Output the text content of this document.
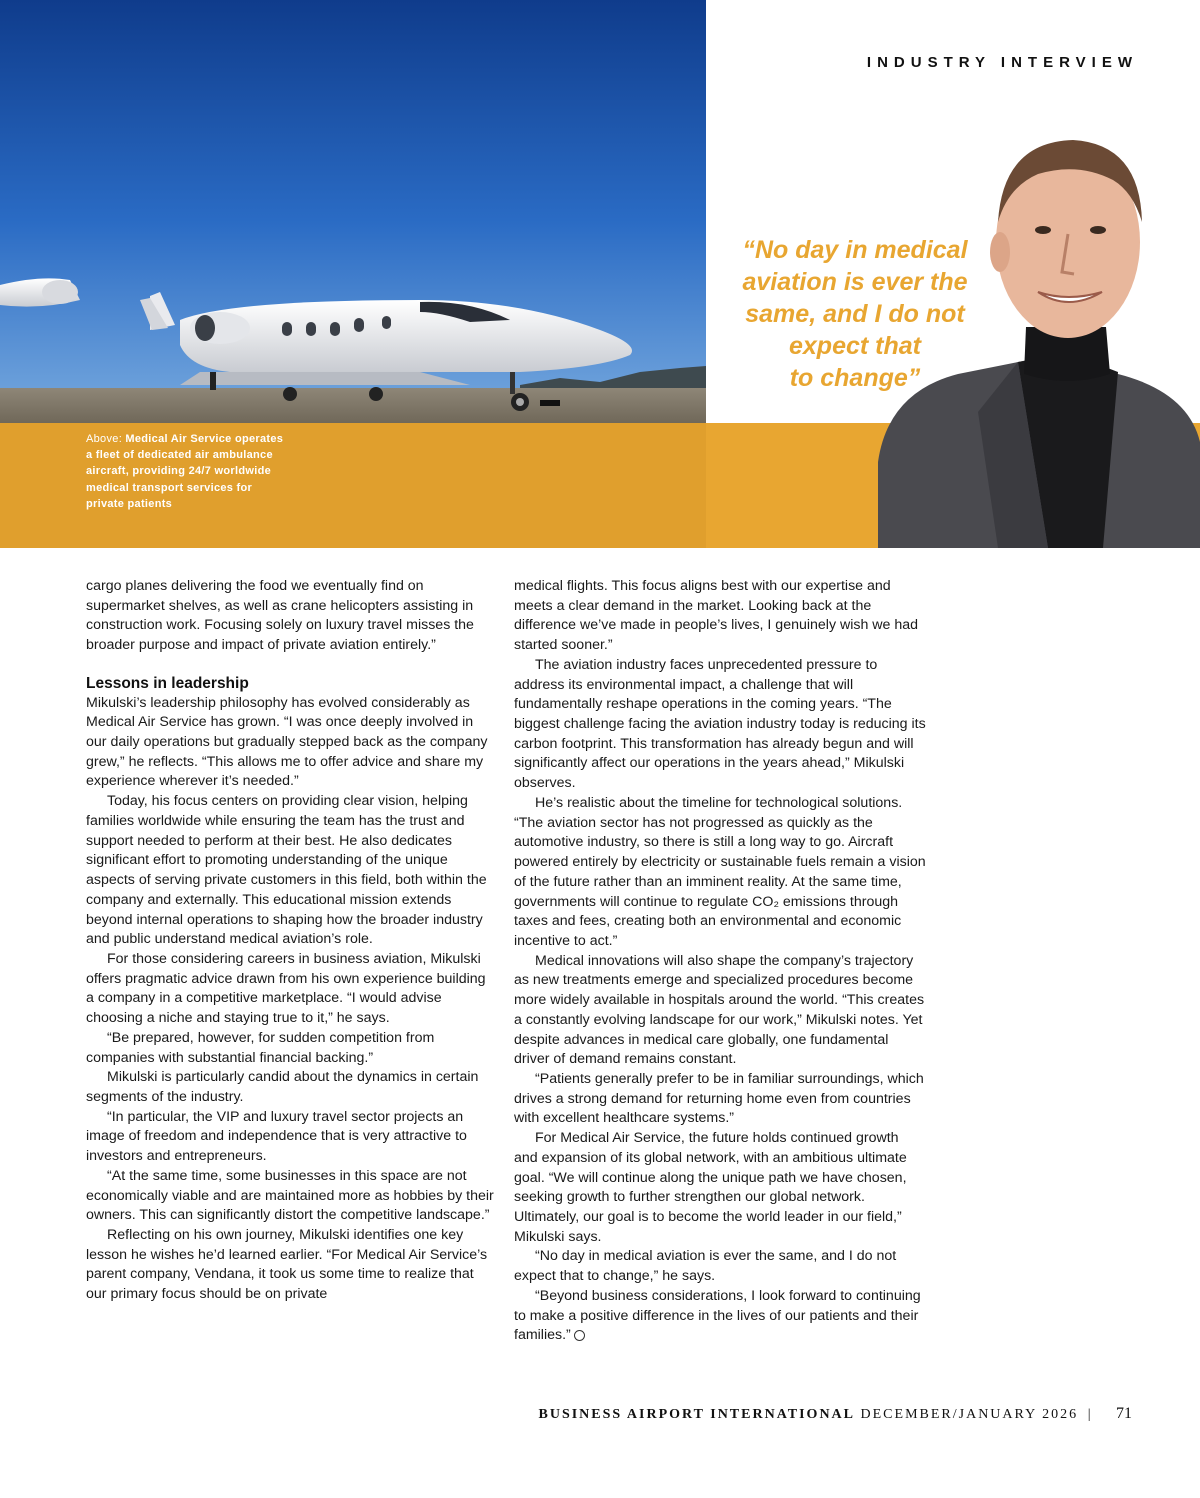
INDUSTRY INTERVIEW
“No day in medical
aviation is ever the
same, and I do not
expect that
to change”
Above: Medical Air Service operates a fleet of dedicated air ambulance aircraft, providing 24/7 worldwide medical transport services for private patients

cargo planes delivering the food we eventually find on supermarket shelves, as well as crane helicopters assisting in construction work. Focusing solely on luxury travel misses the broader purpose and impact of private aviation entirely.”

Lessons in leadership

Mikulski’s leadership philosophy has evolved considerably as Medical Air Service has grown. “I was once deeply involved in our daily operations but gradually stepped back as the company grew,” he reflects. “This allows me to offer advice and share my experience wherever it’s needed.”

Today, his focus centers on providing clear vision, helping families worldwide while ensuring the team has the trust and support needed to perform at their best. He also dedicates significant effort to promoting understanding of the unique aspects of serving private customers in this field, both within the company and externally. This educational mission extends beyond internal operations to shaping how the broader industry and public understand medical aviation’s role.

For those considering careers in business aviation, Mikulski offers pragmatic advice drawn from his own experience building a company in a competitive marketplace. “I would advise choosing a niche and staying true to it,” he says.

“Be prepared, however, for sudden competition from companies with substantial financial backing.”

Mikulski is particularly candid about the dynamics in certain segments of the industry.

“In particular, the VIP and luxury travel sector projects an image of freedom and independence that is very attractive to investors and entrepreneurs.

“At the same time, some businesses in this space are not economically viable and are maintained more as hobbies by their owners. This can significantly distort the competitive landscape.”

Reflecting on his own journey, Mikulski identifies one key lesson he wishes he’d learned earlier. “For Medical Air Service’s parent company, Vendana, it took us some time to realize that our primary focus should be on private

medical flights. This focus aligns best with our expertise and meets a clear demand in the market. Looking back at the difference we’ve made in people’s lives, I genuinely wish we had started sooner.”

The aviation industry faces unprecedented pressure to address its environmental impact, a challenge that will fundamentally reshape operations in the coming years. “The biggest challenge facing the aviation industry today is reducing its carbon footprint. This transformation has already begun and will significantly affect our operations in the years ahead,” Mikulski observes.

He’s realistic about the timeline for technological solutions. “The aviation sector has not progressed as quickly as the automotive industry, so there is still a long way to go. Aircraft powered entirely by electricity or sustainable fuels remain a vision of the future rather than an imminent reality. At the same time, governments will continue to regulate CO₂ emissions through taxes and fees, creating both an environmental and economic incentive to act.”

Medical innovations will also shape the company’s trajectory as new treatments emerge and specialized procedures become more widely available in hospitals around the world. “This creates a constantly evolving landscape for our work,” Mikulski notes. Yet despite advances in medical care globally, one fundamental driver of demand remains constant.

“Patients generally prefer to be in familiar surroundings, which drives a strong demand for returning home even from countries with excellent healthcare systems.”

For Medical Air Service, the future holds continued growth and expansion of its global network, with an ambitious ultimate goal. “We will continue along the unique path we have chosen, seeking growth to further strengthen our global network. Ultimately, our goal is to become the world leader in our field,” Mikulski says.

“No day in medical aviation is ever the same, and I do not expect that to change,” he says.

“Beyond business considerations, I look forward to continuing to make a positive difference in the lives of our patients and their families.”

BUSINESS AIRPORT INTERNATIONAL DECEMBER/JANUARY 2026 | 71
